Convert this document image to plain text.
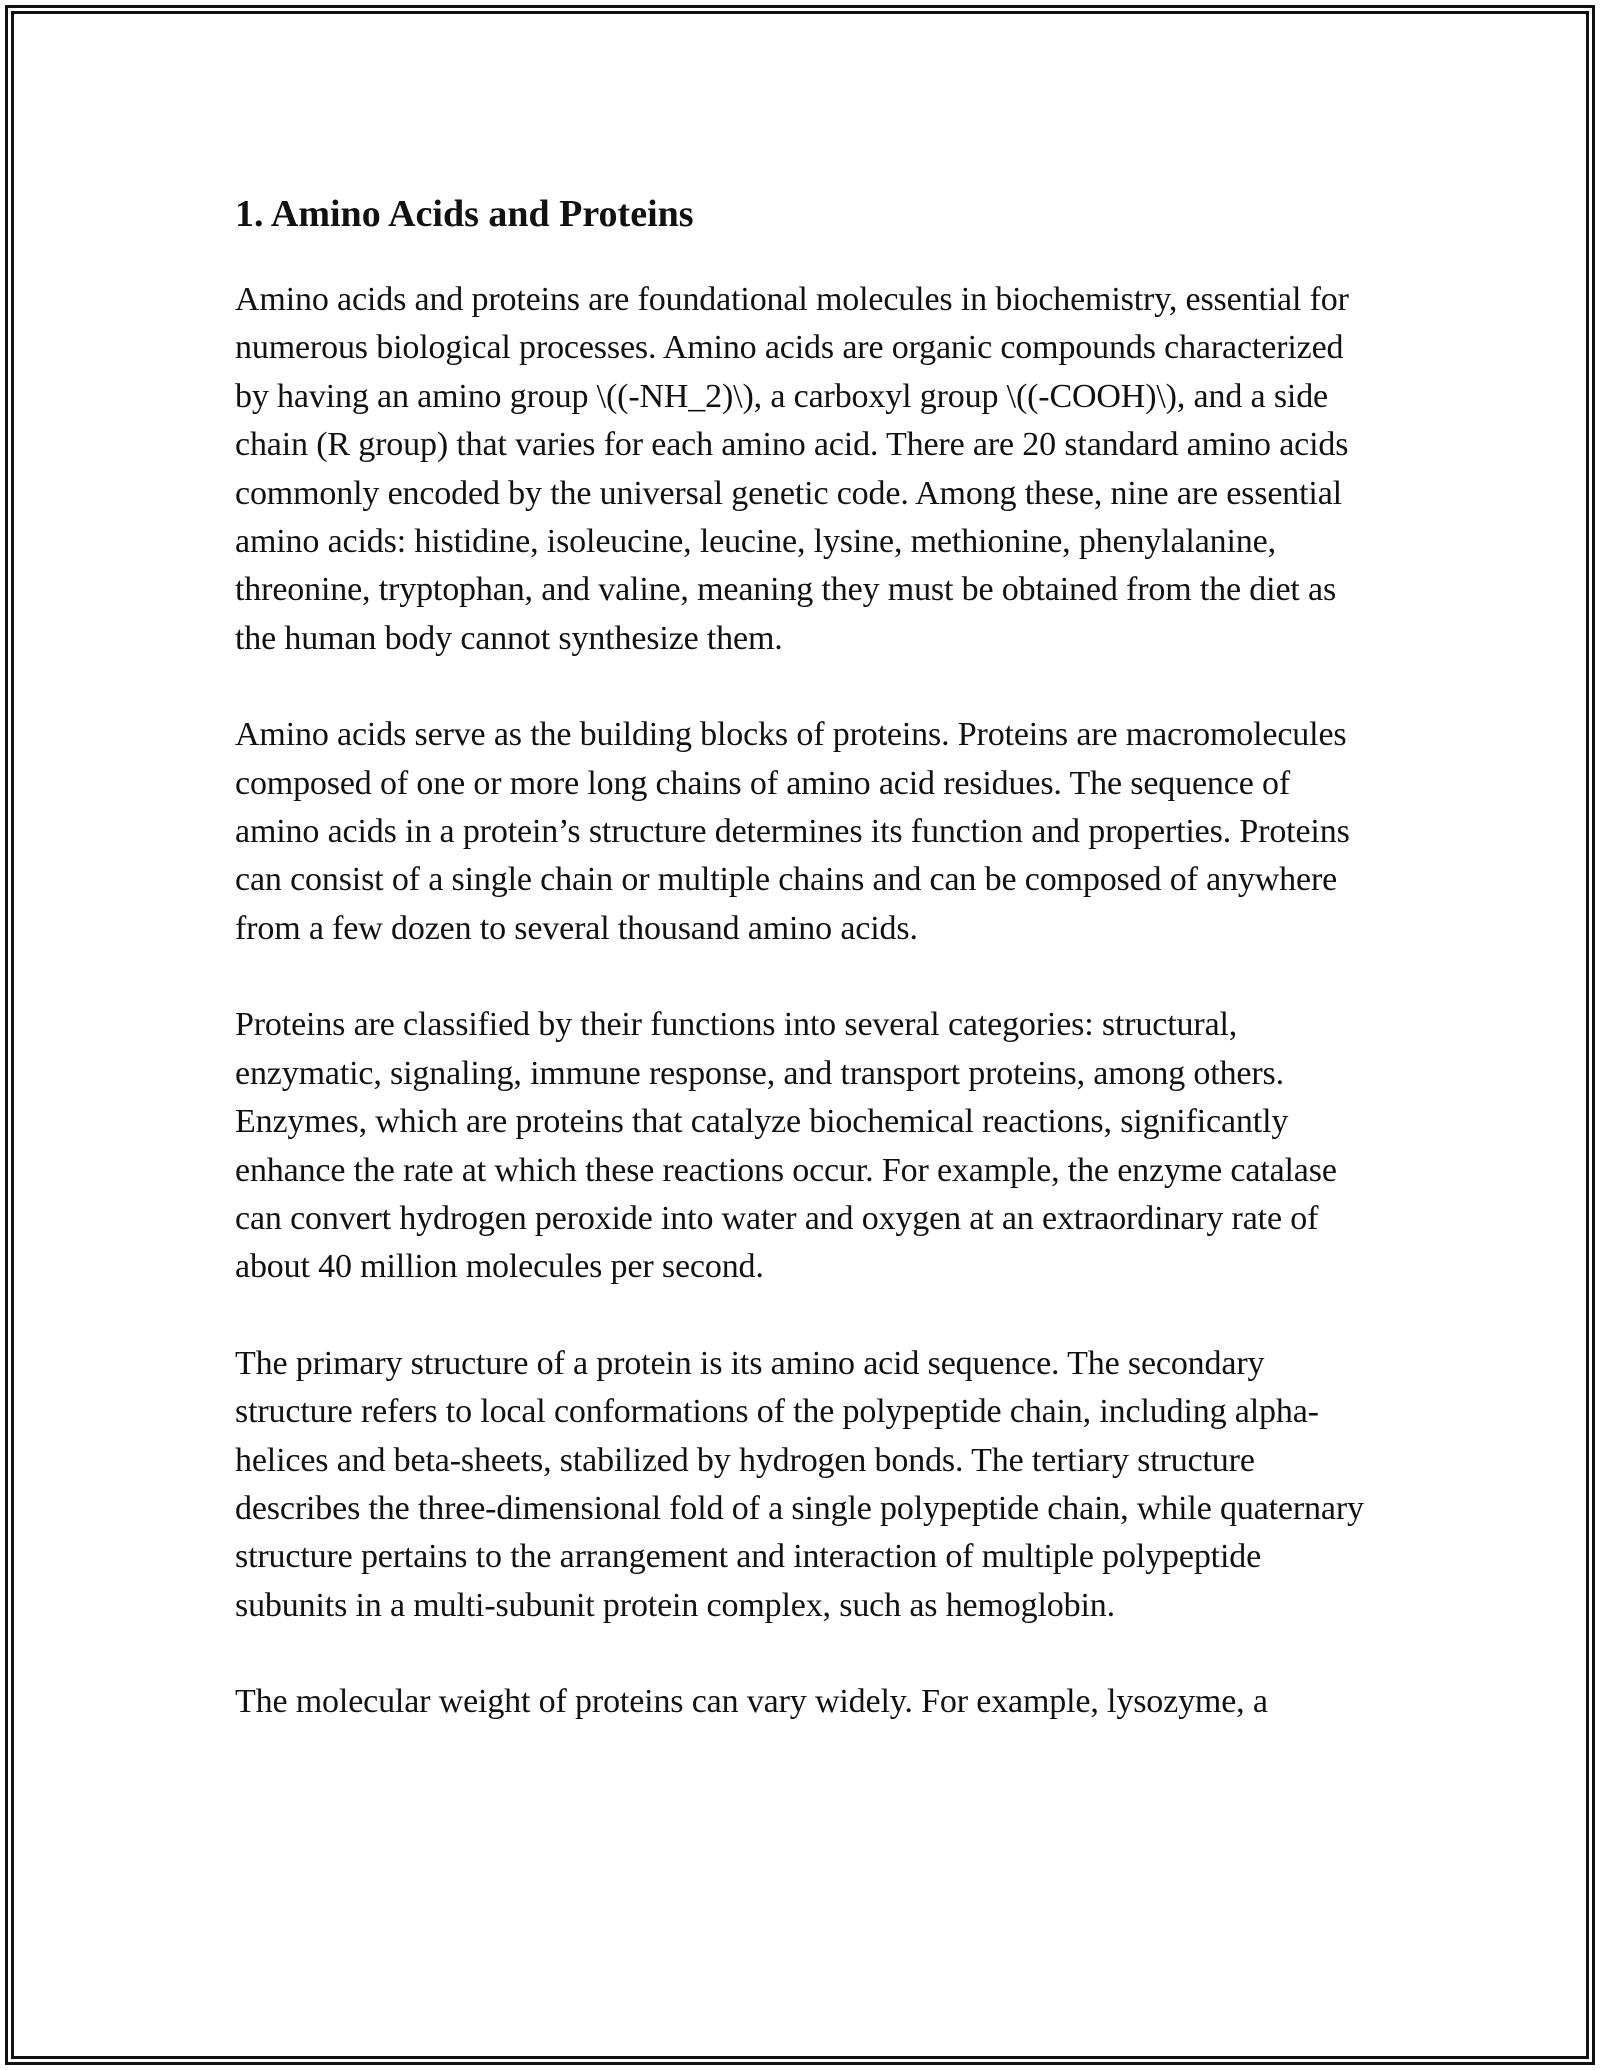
1. Amino Acids and Proteins

Amino acids and proteins are foundational molecules in biochemistry, essential for numerous biological processes. Amino acids are organic compounds characterized by having an amino group \((-NH_2)\), a carboxyl group \((-COOH)\), and a side chain (R group) that varies for each amino acid. There are 20 standard amino acids commonly encoded by the universal genetic code. Among these, nine are essential amino acids: histidine, isoleucine, leucine, lysine, methionine, phenylalanine, threonine, tryptophan, and valine, meaning they must be obtained from the diet as the human body cannot synthesize them.

Amino acids serve as the building blocks of proteins. Proteins are macromolecules composed of one or more long chains of amino acid residues. The sequence of amino acids in a protein’s structure determines its function and properties. Proteins can consist of a single chain or multiple chains and can be composed of anywhere from a few dozen to several thousand amino acids.

Proteins are classified by their functions into several categories: structural, enzymatic, signaling, immune response, and transport proteins, among others. Enzymes, which are proteins that catalyze biochemical reactions, significantly enhance the rate at which these reactions occur. For example, the enzyme catalase can convert hydrogen peroxide into water and oxygen at an extraordinary rate of about 40 million molecules per second.

The primary structure of a protein is its amino acid sequence. The secondary structure refers to local conformations of the polypeptide chain, including alpha-helices and beta-sheets, stabilized by hydrogen bonds. The tertiary structure describes the three-dimensional fold of a single polypeptide chain, while quaternary structure pertains to the arrangement and interaction of multiple polypeptide subunits in a multi-subunit protein complex, such as hemoglobin.

The molecular weight of proteins can vary widely. For example, lysozyme, a
